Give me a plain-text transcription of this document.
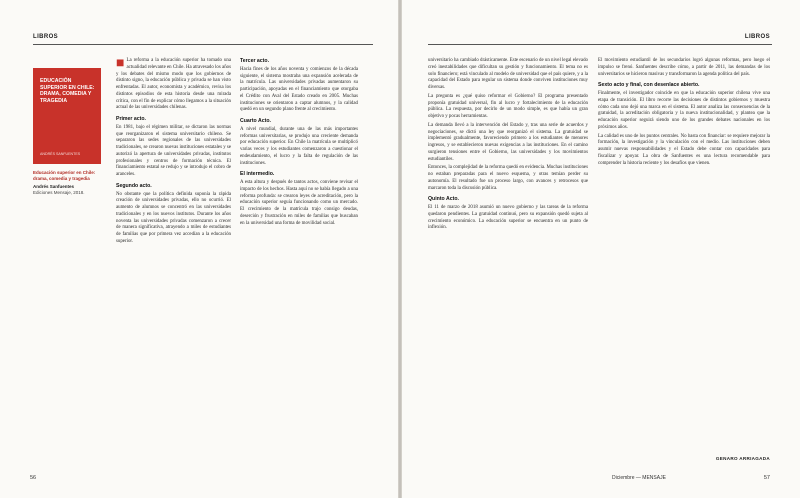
LIBROS
EDUCACIÓN SUPERIOR EN CHILE: DRAMA, COMEDIA Y TRAGEDIA
ANDRÉS SANFUENTES
Educación superior en Chile: drama, comedia y tragedia
Andrés Sanfuentes
Ediciones Mensaje, 2018.

■ La reforma a la educación superior ha tomado una actualidad relevante en Chile. Ha atravesado los años y los debates del mismo modo que los gobiernos de distinto signo, la educación pública y privada se han visto enfrentadas. El autor, economista y académico, revisa los distintos episodios de esta historia desde una mirada crítica, con el fin de explicar cómo llegamos a la situación actual de las universidades chilenas.

Primer acto.

En 1981, bajo el régimen militar, se dictaron las normas que reorganizaron el sistema universitario chileno. Se separaron las sedes regionales de las universidades tradicionales, se crearon nuevas instituciones estatales y se autorizó la apertura de universidades privadas, institutos profesionales y centros de formación técnica. El financiamiento estatal se redujo y se introdujo el cobro de aranceles.

Segundo acto.

No obstante que la política definida suponía la rápida creación de universidades privadas, ello no ocurrió. El aumento de alumnos se concentró en las universidades tradicionales y en los nuevos institutos. Durante los años noventa las universidades privadas comenzaron a crecer de manera significativa, atrayendo a miles de estudiantes de familias que por primera vez accedían a la educación superior.

Tercer acto.

Hacia fines de los años noventa y comienzos de la década siguiente, el sistema mostraba una expansión acelerada de la matrícula. Las universidades privadas aumentaron su participación, apoyadas en el financiamiento que otorgaba el Crédito con Aval del Estado creado en 2005. Muchas instituciones se orientaron a captar alumnos, y la calidad quedó en un segundo plano frente al crecimiento.

Cuarto Acto.

A nivel mundial, durante una de las más importantes reformas universitarias, se produjo una creciente demanda por educación superior. En Chile la matrícula se multiplicó varias veces y los estudiantes comenzaron a cuestionar el endeudamiento, el lucro y la falta de regulación de las instituciones.

El intermedio.

A esta altura y después de tantos actos, conviene revisar el impacto de los hechos. Hasta aquí no se había llegado a una reforma profunda: se crearon leyes de acreditación, pero la educación superior seguía funcionando como un mercado. El crecimiento de la matrícula trajo consigo deudas, deserción y frustración en miles de familias que buscaban en la universidad una forma de movilidad social.

56
LIBROS

universitario ha cambiado drásticamente. Este escenario de un nivel legal elevado creó inestabilidades que dificultan su gestión y funcionamiento. El tema no es solo financiero; está vinculado al modelo de universidad que el país quiere, y a la capacidad del Estado para regular un sistema donde conviven instituciones muy diversas.

La pregunta es ¿qué quiso reformar el Gobierno? El programa presentado proponía gratuidad universal, fin al lucro y fortalecimiento de la educación pública. La respuesta, por decirlo de un modo simple, es que había un gran objetivo y pocas herramientas.

La demanda llevó a la intervención del Estado y, tras una serie de acuerdos y negociaciones, se dictó una ley que reorganizó el sistema. La gratuidad se implementó gradualmente, favoreciendo primero a los estudiantes de menores ingresos, y se establecieron nuevas exigencias a las instituciones. En el camino surgieron tensiones entre el Gobierno, las universidades y los movimientos estudiantiles.

Entonces, la complejidad de la reforma quedó en evidencia. Muchas instituciones no estaban preparadas para el nuevo esquema, y otras temían perder su autonomía. El resultado fue un proceso largo, con avances y retrocesos que marcaron toda la discusión pública.

Quinto Acto.

El 11 de marzo de 2018 asumió un nuevo gobierno y las tareas de la reforma quedaron pendientes. La gratuidad continuó, pero su expansión quedó sujeta al crecimiento económico. La educación superior se encuentra en un punto de inflexión.

El movimiento estudiantil de los secundarios logró algunas reformas, pero luego el impulso se frenó. Sanfuentes describe cómo, a partir de 2011, las demandas de los universitarios se hicieron masivas y transformaron la agenda política del país.

Sexto acto y final, con desenlace abierto.

Finalmente, el investigador coincide en que la educación superior chilena vive una etapa de transición. El libro recorre las decisiones de distintos gobiernos y muestra cómo cada uno dejó una marca en el sistema. El autor analiza las consecuencias de la gratuidad, la acreditación obligatoria y la nueva institucionalidad, y plantea que la educación superior seguirá siendo uno de los grandes debates nacionales en los próximos años.

La calidad es uno de los puntos centrales. No basta con financiar: se requiere mejorar la formación, la investigación y la vinculación con el medio. Las instituciones deben asumir nuevas responsabilidades y el Estado debe contar con capacidades para fiscalizar y apoyar. La obra de Sanfuentes es una lectura recomendable para comprender la historia reciente y los desafíos que vienen.

GENARO ARRIAGADA
Diciembre — MENSAJE	57
